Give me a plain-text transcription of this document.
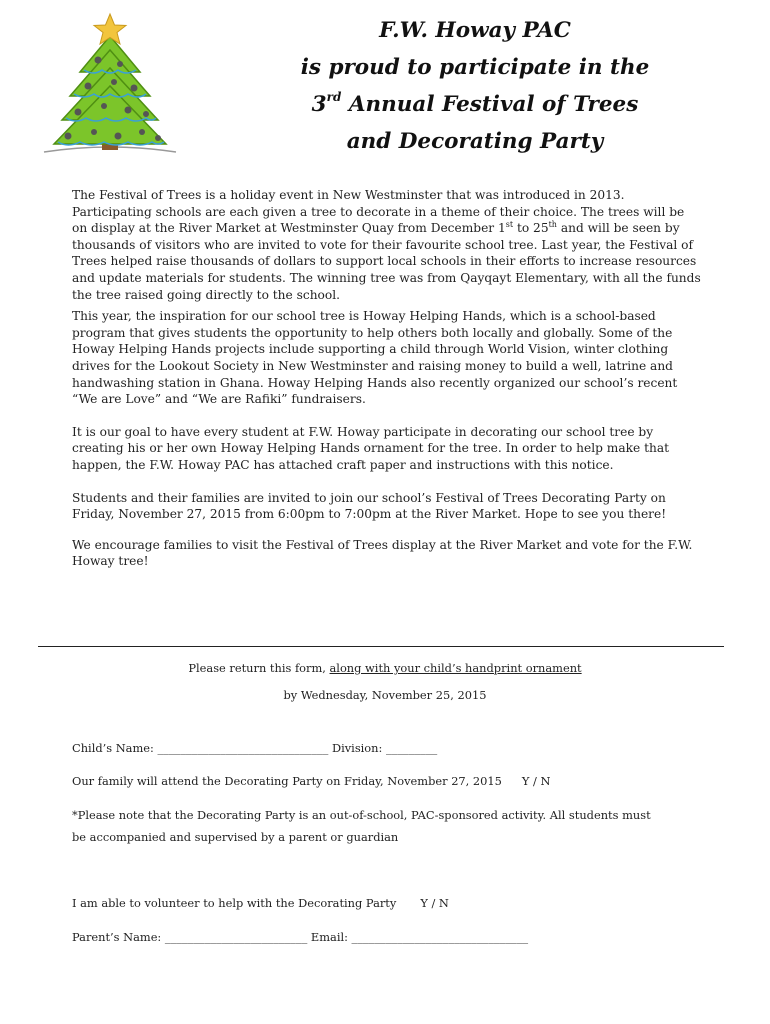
F.W. Howay PAC
is proud to participate in the
3rd Annual Festival of Trees
and Decorating Party

The Festival of Trees is a holiday event in New Westminster that was introduced in 2013. Participating schools are each given a tree to decorate in a theme of their choice. The trees will be on display at the River Market at Westminster Quay from December 1st to 25th and will be seen by thousands of visitors who are invited to vote for their favourite school tree. Last year, the Festival of Trees helped raise thousands of dollars to support local schools in their efforts to increase resources and update materials for students. The winning tree was from Qayqayt Elementary, with all the funds the tree raised going directly to the school.

This year, the inspiration for our school tree is Howay Helping Hands, which is a school-based program that gives students the opportunity to help others both locally and globally. Some of the Howay Helping Hands projects include supporting a child through World Vision, winter clothing drives for the Lookout Society in New Westminster and raising money to build a well, latrine and handwashing station in Ghana. Howay Helping Hands also recently organized our school’s recent “We are Love” and “We are Rafiki” fundraisers.

It is our goal to have every student at F.W. Howay participate in decorating our school tree by creating his or her own Howay Helping Hands ornament for the tree. In order to help make that happen, the F.W. Howay PAC has attached craft paper and instructions with this notice.

Students and their families are invited to join our school’s Festival of Trees Decorating Party on Friday, November 27, 2015 from 6:00pm to 7:00pm at the River Market. Hope to see you there!

We encourage families to visit the Festival of Trees display at the River Market and vote for the F.W. Howay tree!

Please return this form, along with your child’s handprint ornament
by Wednesday, November 25, 2015
Child’s Name: ______________________________ Division: _________
Our family will attend the Decorating Party on Friday, November 27, 2015 Y / N
*Please note that the Decorating Party is an out-of-school, PAC-sponsored activity. All students must
be accompanied and supervised by a parent or guardian
I am able to volunteer to help with the Decorating Party Y / N
Parent’s Name: _________________________ Email: _______________________________
